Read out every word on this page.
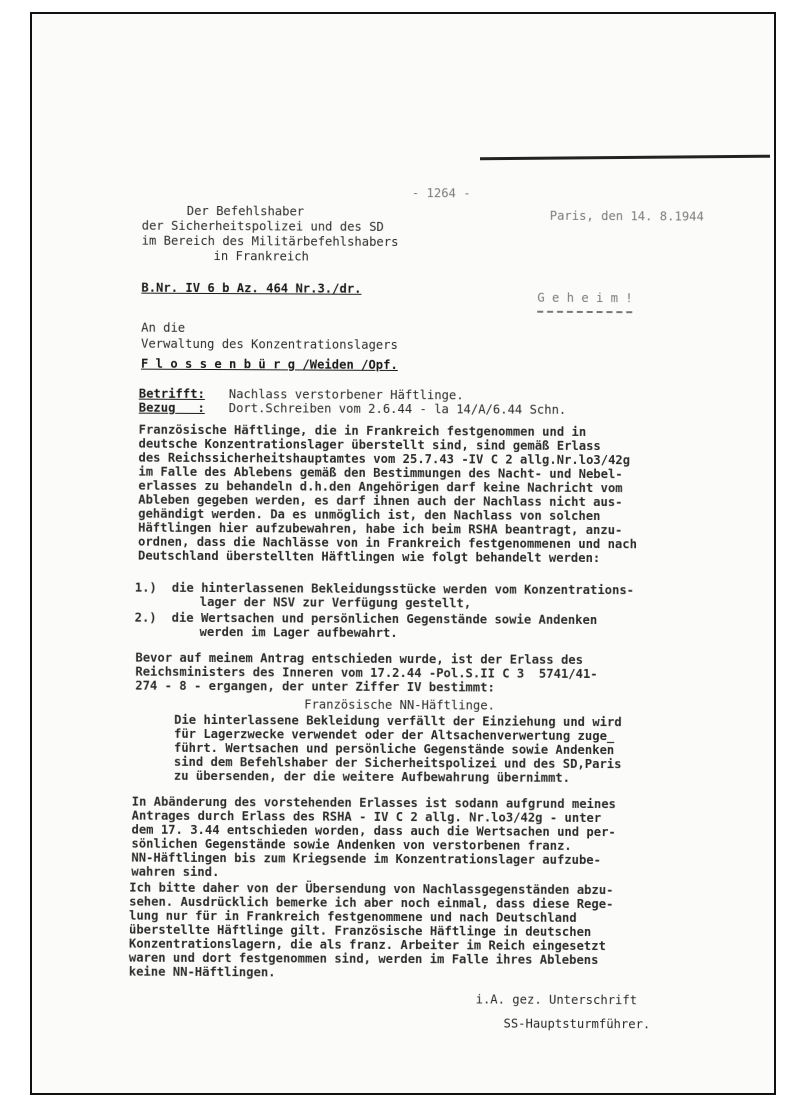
- 1264 -
Der Befehlshaber
der Sicherheitspolizei und des SD
im Bereich des Militärbefehlshabers
in Frankreich
Paris, den 14. 8.1944
B.Nr. IV 6 b Az. 464 Nr.3./dr.
G e h e i m !
An die
Verwaltung des Konzentrationslagers
F l o s s e n b ü r g /Weiden /Opf.
Betrifft: Nachlass verstorbener Häftlinge.
Bezug   : Dort.Schreiben vom 2.6.44 - la 14/A/6.44 Schn.
Französische Häftlinge, die in Frankreich festgenommen und in
deutsche Konzentrationslager überstellt sind, sind gemäß Erlass
des Reichssicherheitshauptamtes vom 25.7.43 -IV C 2 allg.Nr.lo3/42g
im Falle des Ablebens gemäß den Bestimmungen des Nacht- und Nebel-
erlasses zu behandeln d.h.den Angehörigen darf keine Nachricht vom
Ableben gegeben werden, es darf ihnen auch der Nachlass nicht aus-
gehändigt werden. Da es unmöglich ist, den Nachlass von solchen
Häftlingen hier aufzubewahren, habe ich beim RSHA beantragt, anzu-
ordnen, dass die Nachlässe von in Frankreich festgenommenen und nach
Deutschland überstellten Häftlingen wie folgt behandelt werden:
1.) die hinterlassenen Bekleidungsstücke werden vom Konzentrations-
lager der NSV zur Verfügung gestellt,
2.) die Wertsachen und persönlichen Gegenstände sowie Andenken
werden im Lager aufbewahrt.
Bevor auf meinem Antrag entschieden wurde, ist der Erlass des
Reichsministers des Inneren vom 17.2.44 -Pol.S.II C 3  5741/41-
274 - 8 - ergangen, der unter Ziffer IV bestimmt:
Französische NN-Häftlinge.
Die hinterlassene Bekleidung verfällt der Einziehung und wird
für Lagerzwecke verwendet oder der Altsachenverwertung zuge_
führt. Wertsachen und persönliche Gegenstände sowie Andenken
sind dem Befehlshaber der Sicherheitspolizei und des SD,Paris
zu übersenden, der die weitere Aufbewahrung übernimmt.
In Abänderung des vorstehenden Erlasses ist sodann aufgrund meines
Antrages durch Erlass des RSHA - IV C 2 allg. Nr.lo3/42g - unter
dem 17. 3.44 entschieden worden, dass auch die Wertsachen und per-
sönlichen Gegenstände sowie Andenken von verstorbenen franz.
NN-Häftlingen bis zum Kriegsende im Konzentrationslager aufzube-
wahren sind.
Ich bitte daher von der Übersendung von Nachlassgegenständen abzu-
sehen. Ausdrücklich bemerke ich aber noch einmal, dass diese Rege-
lung nur für in Frankreich festgenommene und nach Deutschland
überstellte Häftlinge gilt. Französische Häftlinge in deutschen
Konzentrationslagern, die als franz. Arbeiter im Reich eingesetzt
waren und dort festgenommen sind, werden im Falle ihres Ablebens
keine NN-Häftlingen.
i.A. gez. Unterschrift
SS-Hauptsturmführer.
